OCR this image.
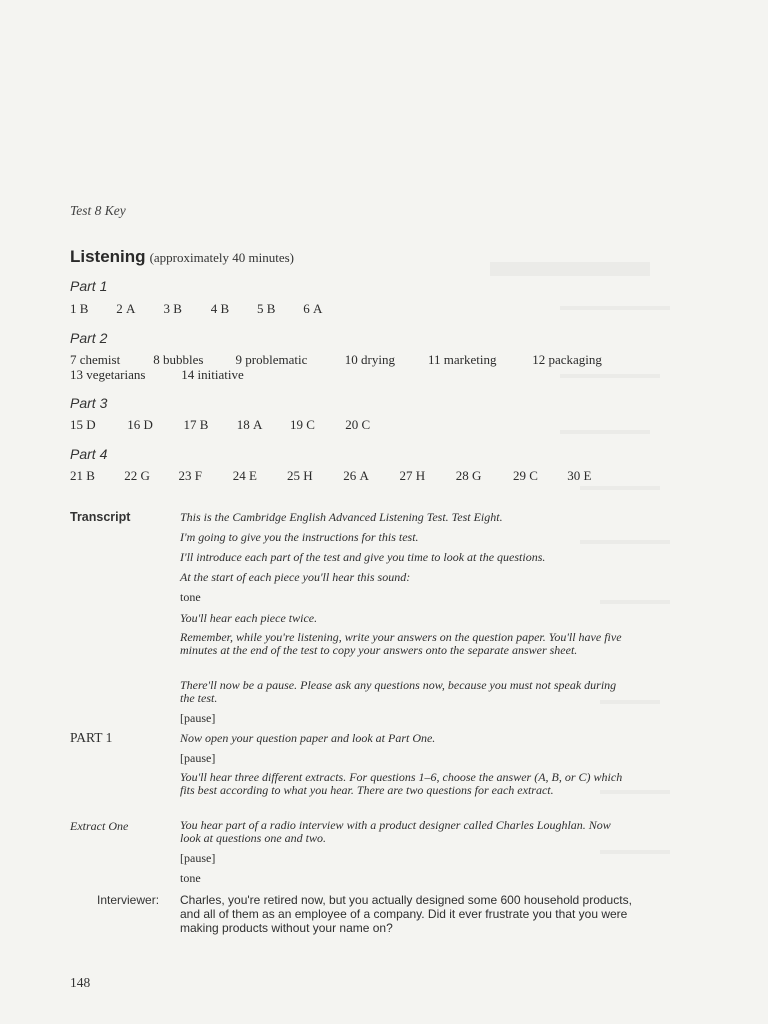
Test 8 Key
Listening (approximately 40 minutes)
Part 1
1 B 2 A 3 B 4 B 5 B 6 A
Part 2
7 chemist	8 bubbles 9 problematic	10 drying	11 marketing	12 packaging
13 vegetarians	14 initiative
Part 3
15 D 16 D 17 B 18 A 19 C 20 C
Part 4
21 B 22 G 23 F 24 E 25 H 26 A 27 H 28 G 29 C 30 E
Transcript	This is the Cambridge English Advanced Listening Test. Test Eight.
I'm going to give you the instructions for this test.
I'll introduce each part of the test and give you time to look at the questions.
At the start of each piece you'll hear this sound:
tone
You'll hear each piece twice.
Remember, while you're listening, write your answers on the question paper. You'll have five minutes at the end of the test to copy your answers onto the separate answer sheet.
There'll now be a pause. Please ask any questions now, because you must not speak during the test.
[pause]
PART 1	Now open your question paper and look at Part One.
[pause]
You'll hear three different extracts. For questions 1–6, choose the answer (A, B, or C) which fits best according to what you hear. There are two questions for each extract.
Extract One	You hear part of a radio interview with a product designer called Charles Loughlan. Now look at questions one and two.
[pause]
tone
Interviewer: Charles, you're retired now, but you actually designed some 600 household products, and all of them as an employee of a company. Did it ever frustrate you that you were making products without your name on?
148
